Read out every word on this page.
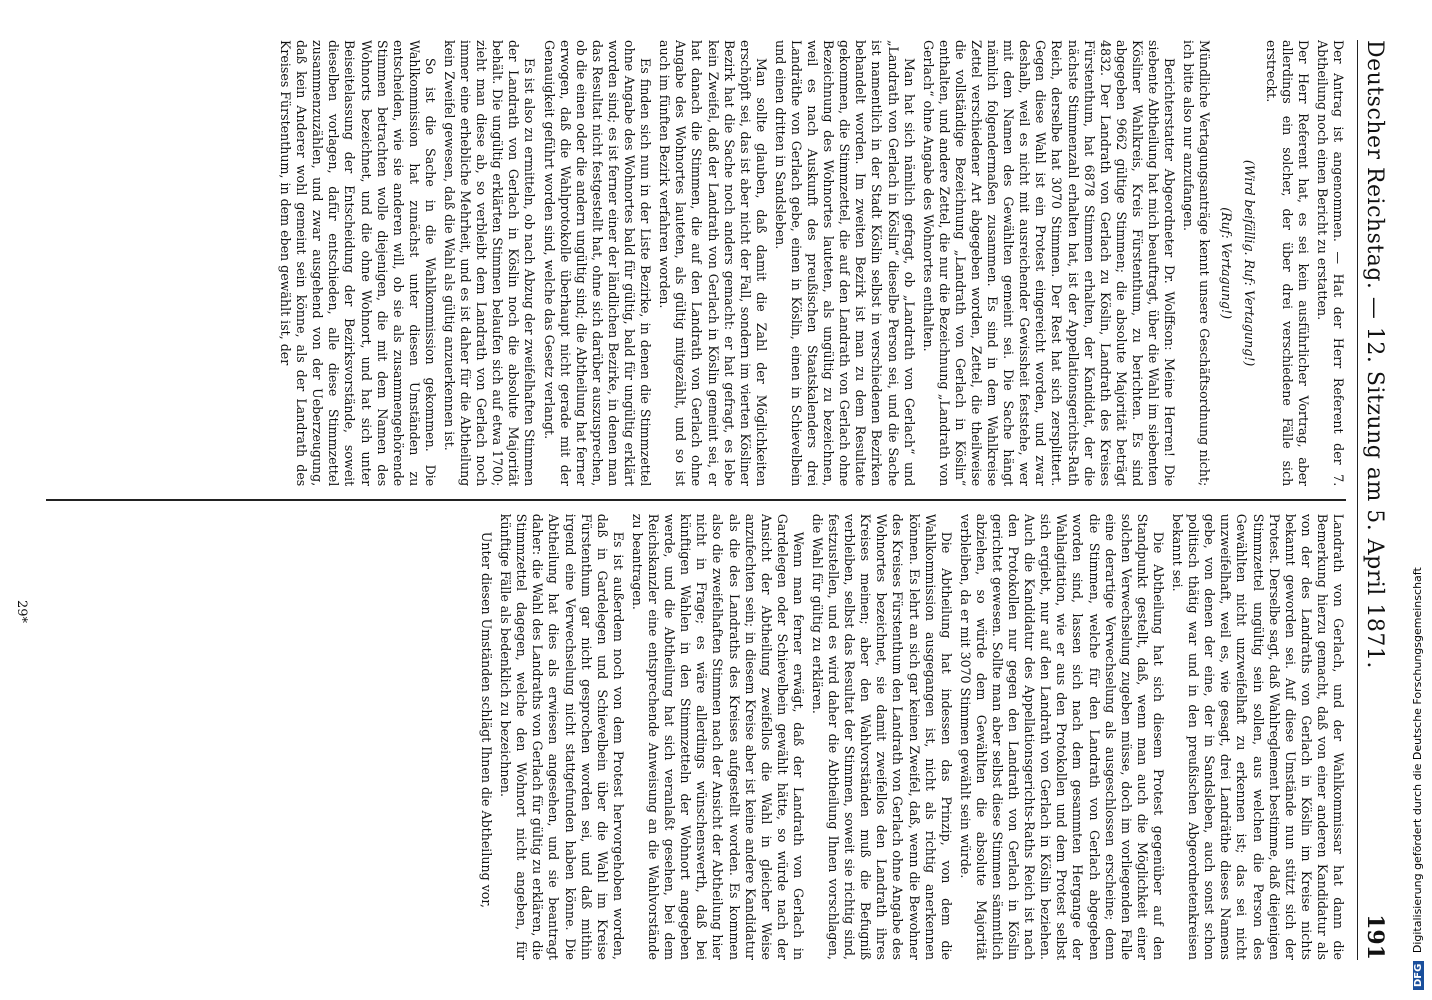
Deutscher Reichstag. — 12. Sitzung am 5. April 1871.
191

Der Antrag ist angenommen. — Hat der Herr Referent der 7. Abtheilung noch einen Bericht zu erstatten.

Der Herr Referent hat, es sei kein ausführlicher Vortrag, aber allerdings ein solcher, der über drei verschiedene Fälle sich erstreckt.

(Wird beifällig. Ruf: Vertagung!)

(Ruf: Vertagung!)

Mündliche Vertagungsanträge kennt unsere Geschäftsordnung nicht; ich bitte also nur anzufangen.

Berichterstatter Abgeordneter Dr. Wolffson: Meine Herren! Die siebente Abtheilung hat mich beauftragt, über die Wahl im siebenten Kösliner Wahlkreis, Kreis Fürstenthum, zu berichten. Es sind abgegeben 9662 gültige Stimmen; die absolute Majorität beträgt 4832. Der Landrath von Gerlach zu Köslin, Landrath des Kreises Fürstenthum, hat 6878 Stimmen erhalten, der Kandidat, der die nächste Stimmenzahl erhalten hat, ist der Appellationsgerichts-Rath Reich, derselbe hat 3070 Stimmen. Der Rest hat sich zersplittert. Gegen diese Wahl ist ein Protest eingereicht worden, und zwar deshalb, weil es nicht mit ausreichender Gewissheit feststehe, wer mit dem Namen des Gewählten gemeint sei. Die Sache hängt nämlich folgendermaßen zusammen. Es sind in dem Wahlkreise Zettel verschiedener Art abgegeben worden, Zettel, die theilweise die vollständige Bezeichnung „Landrath von Gerlach in Köslin“ enthalten, und andere Zettel, die nur die Bezeichnung „Landrath von Gerlach“ ohne Angabe des Wohnortes enthalten.

Man hat sich nämlich gefragt, ob „Landrath von Gerlach“ und „Landrath von Gerlach in Köslin“ dieselbe Person sei, und die Sache ist namentlich in der Stadt Köslin selbst in verschiedenen Bezirken behandelt worden. Im zweiten Bezirk ist man zu dem Resultate gekommen, die Stimmzettel, die auf den Landrath von Gerlach ohne Bezeichnung des Wohnortes lauteten, als ungültig zu bezeichnen, weil es nach Auskunft des preußischen Staatskalenders drei Landräthe von Gerlach gebe, einen in Köslin, einen in Schievelbein und einen dritten in Sandsleben.

Man sollte glauben, daß damit die Zahl der Möglichkeiten erschöpft sei, das ist aber nicht der Fall, sondern im vierten Kösliner Bezirk hat die Sache noch anders gemacht: er hat gefragt, es lebe kein Zweifel, daß der Landrath von Gerlach in Köslin gemeint sei, er hat danach die Stimmen, die auf den Landrath von Gerlach ohne Angabe des Wohnortes lauteten, als gültig mitgezählt, und so ist auch im fünften Bezirk verfahren worden.

Es finden sich nun in der Liste Bezirke, in denen die Stimmzettel ohne Angabe des Wohnortes bald für gültig, bald für ungültig erklärt worden sind; es ist ferner einer der ländlichen Bezirke, in denen man das Resultat nicht festgestellt hat, ohne sich darüber auszusprechen, ob die einen oder die andern ungültig sind; die Abtheilung hat ferner erwogen, daß die Wahlprotokolle überhaupt nicht gerade mit der Genauigkeit geführt worden sind, welche das Gesetz verlangt.

Es ist also zu ermitteln, ob nach Abzug der zweifelhaften Stimmen der Landrath von Gerlach in Köslin noch die absolute Majorität behält. Die ungültig erklärten Stimmen belaufen sich auf etwa 1700; zieht man diese ab, so verbleibt dem Landrath von Gerlach noch immer eine erhebliche Mehrheit, und es ist daher für die Abtheilung kein Zweifel gewesen, daß die Wahl als gültig anzuerkennen ist.

So ist die Sache in die Wahlkommission gekommen. Die Wahlkommission hat zunächst unter diesen Umständen zu entscheiden, wie sie anderen will, ob sie als zusammengehörende Stimmen betrachten wolle diejenigen, die mit dem Namen des Wohnorts bezeichnet, und die ohne Wohnort, und hat sich unter Beiseitelassung der Entscheidung der Bezirksvorstände, soweit dieselben vorlagen, dafür entschieden, alle diese Stimmzettel zusammenzuzählen, und zwar ausgehend von der Ueberzeugung, daß kein Anderer wohl gemeint sein könne, als der Landrath des Kreises Fürstenthum, in dem eben gewählt ist, der

Landrath von Gerlach, und der Wahlkommissar hat dann die Bemerkung hierzu gemacht, daß von einer anderen Kandidatur als von der des Landraths von Gerlach in Köslin im Kreise nichts bekannt geworden sei. Auf diese Umstände nun stützt sich der Protest. Derselbe sagt, daß Wahlreglement bestimme, daß diejenigen Stimmzettel ungültig sein sollen, aus welchen die Person des Gewählten nicht unzweifelhaft zu erkennen ist; das sei nicht unzweifelhaft, weil es, wie gesagt, drei Landräthe dieses Namens gebe, von denen der eine, der in Sandsleben, auch sonst schon politisch thätig war und in den preußischen Abgeordnetenkreisen bekannt sei.

Die Abtheilung hat sich diesem Protest gegenüber auf den Standpunkt gestellt, daß, wenn man auch die Möglichkeit einer solchen Verwechselung zugeben müsse, doch im vorliegenden Falle eine derartige Verwechselung als ausgeschlossen erscheine; denn die Stimmen, welche für den Landrath von Gerlach abgegeben worden sind, lassen sich nach dem gesammten Hergange der Wahlagitation, wie er aus den Protokollen und dem Protest selbst sich ergiebt, nur auf den Landrath von Gerlach in Köslin beziehen. Auch die Kandidatur des Appellationsgerichts-Raths Reich ist nach den Protokollen nur gegen den Landrath von Gerlach in Köslin gerichtet gewesen. Sollte man aber selbst diese Stimmen sämmtlich abziehen, so würde dem Gewählten die absolute Majorität verbleiben, da er mit 3070 Stimmen gewählt sein würde.

Die Abtheilung hat indessen das Prinzip, von dem die Wahlkommission ausgegangen ist, nicht als richtig anerkennen können. Es lehrt an sich gar keinen Zweifel, daß, wenn die Bewohner des Kreises Fürstenthum den Landrath von Gerlach ohne Angabe des Wohnortes bezeichnet, sie damit zweifellos den Landrath ihres Kreises meinen; aber den Wahlvorständen muß die Befugniß verbleiben, selbst das Resultat der Stimmen, soweit sie richtig sind, festzustellen, und es wird daher die Abtheilung Ihnen vorschlagen, die Wahl für gültig zu erklären.

Wenn man ferner erwägt, daß der Landrath von Gerlach in Gardelegen oder Schievelbein gewählt hätte, so würde nach der Ansicht der Abtheilung zweifellos die Wahl in gleicher Weise anzufechten sein; in diesem Kreise aber ist keine andere Kandidatur als die des Landraths des Kreises aufgestellt worden. Es kommen also die zweifelhaften Stimmen nach der Ansicht der Abtheilung hier nicht in Frage; es wäre allerdings wünschenswerth, daß bei künftigen Wahlen in den Stimmzetteln der Wohnort angegeben werde, und die Abtheilung hat sich veranlaßt gesehen, bei dem Reichskanzler eine entsprechende Anweisung an die Wahlvorstände zu beantragen.

Es ist außerdem noch von dem Protest hervorgehoben worden, daß in Gardelegen und Schievelbein über die Wahl im Kreise Fürstenthum gar nicht gesprochen worden sei, und daß mithin irgend eine Verwechselung nicht stattgefunden haben könne. Die Abtheilung hat dies als erwiesen angesehen, und sie beantragt daher: die Wahl des Landraths von Gerlach für gültig zu erklären, die Stimmzettel dagegen, welche den Wohnort nicht angeben, für künftige Fälle als bedenklich zu bezeichnen.

Unter diesen Umständen schlägt Ihnen die Abtheilung vor,

29*
DFG Digitalisierung gefördert durch die Deutsche Forschungsgemeinschaft
